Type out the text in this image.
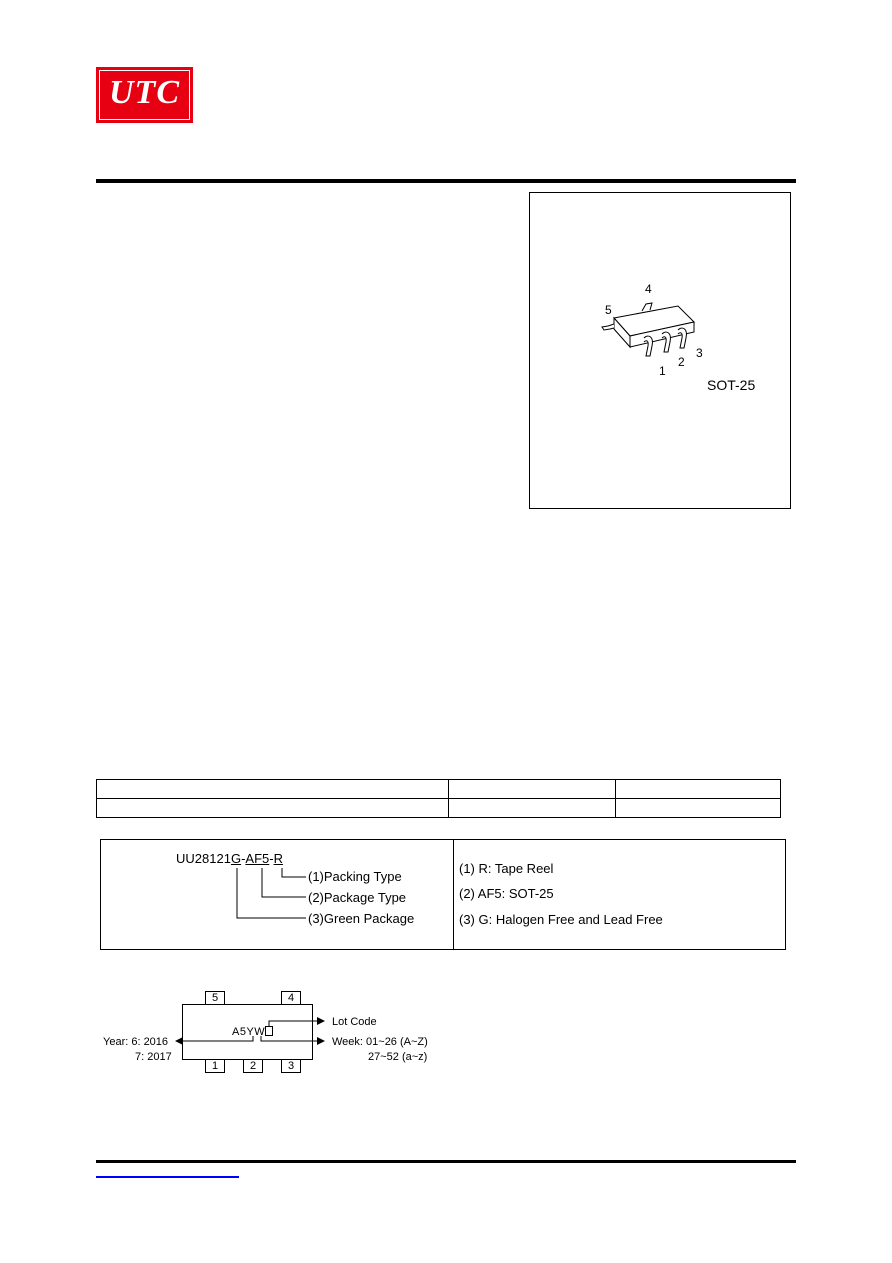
UTC
5
4
1
2
3
SOT-25

UU28121G-AF5-R
(1)Packing Type
(2)Package Type
(3)Green Package
(1) R: Tape Reel
(2) AF5: SOT-25
(3) G: Halogen Free and Lead Free
5	4
1	2	3
A5YW
Lot Code
Week: 01~26 (A~Z)
27~52 (a~z)
Year: 6: 2016
7: 2017
